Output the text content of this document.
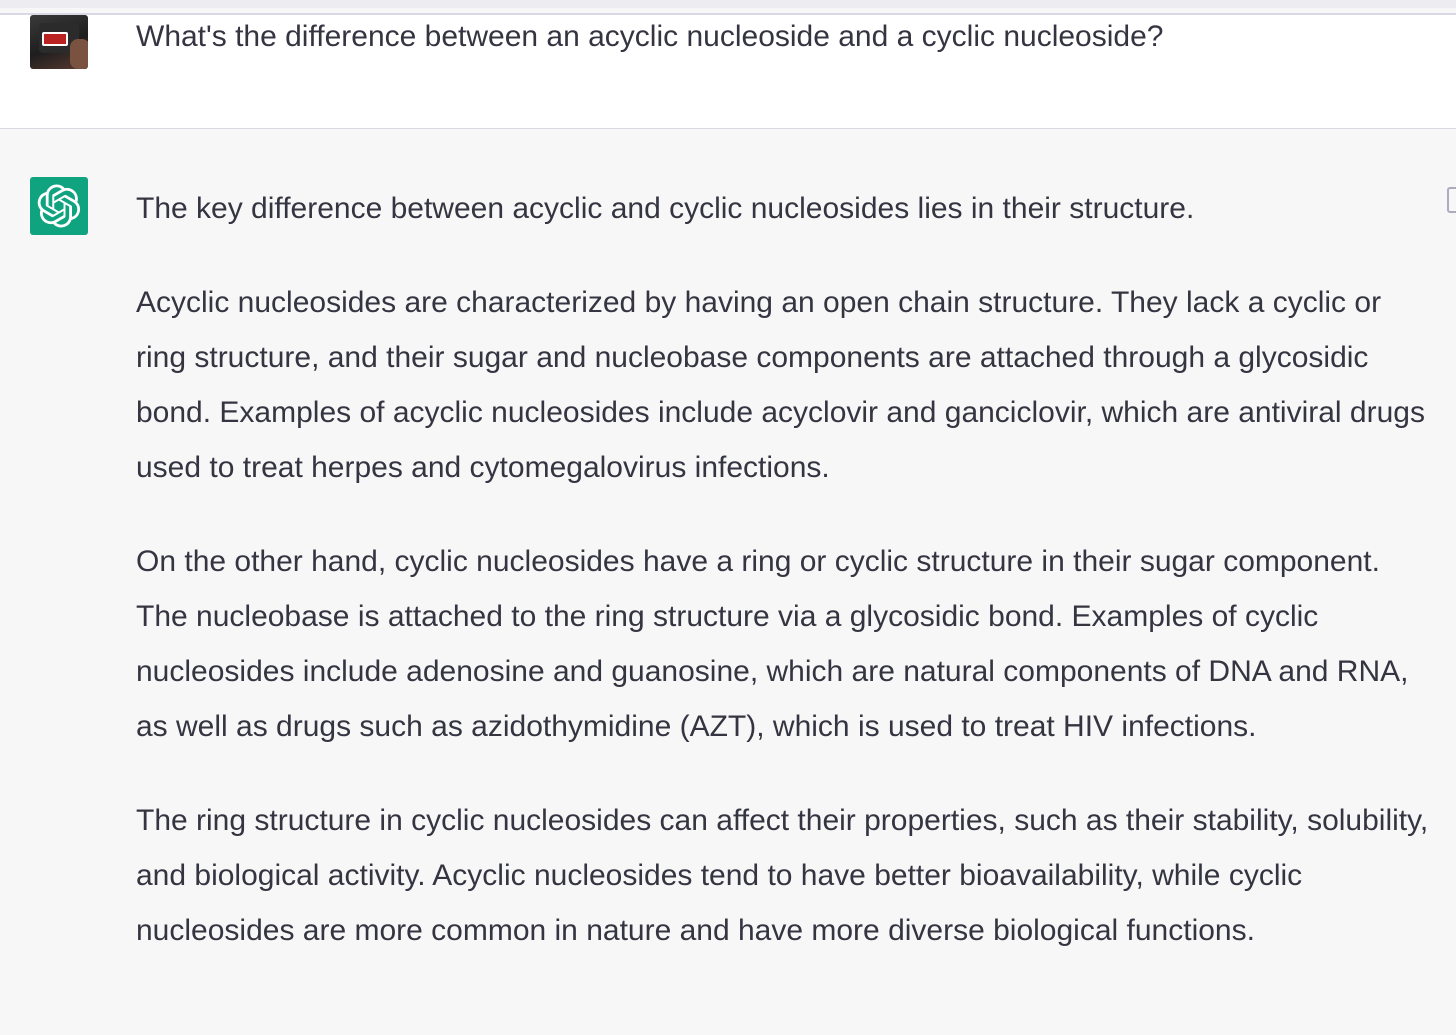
What's the difference between an acyclic nucleoside and a cyclic nucleoside?

The key difference between acyclic and cyclic nucleosides lies in their structure.

Acyclic nucleosides are characterized by having an open chain structure. They lack a cyclic or ring structure, and their sugar and nucleobase components are attached through a glycosidic bond. Examples of acyclic nucleosides include acyclovir and ganciclovir, which are antiviral drugs used to treat herpes and cytomegalovirus infections.

On the other hand, cyclic nucleosides have a ring or cyclic structure in their sugar component. The nucleobase is attached to the ring structure via a glycosidic bond. Examples of cyclic nucleosides include adenosine and guanosine, which are natural components of DNA and RNA, as well as drugs such as azidothymidine (AZT), which is used to treat HIV infections.

The ring structure in cyclic nucleosides can affect their properties, such as their stability, solubility, and biological activity. Acyclic nucleosides tend to have better bioavailability, while cyclic nucleosides are more common in nature and have more diverse biological functions.
